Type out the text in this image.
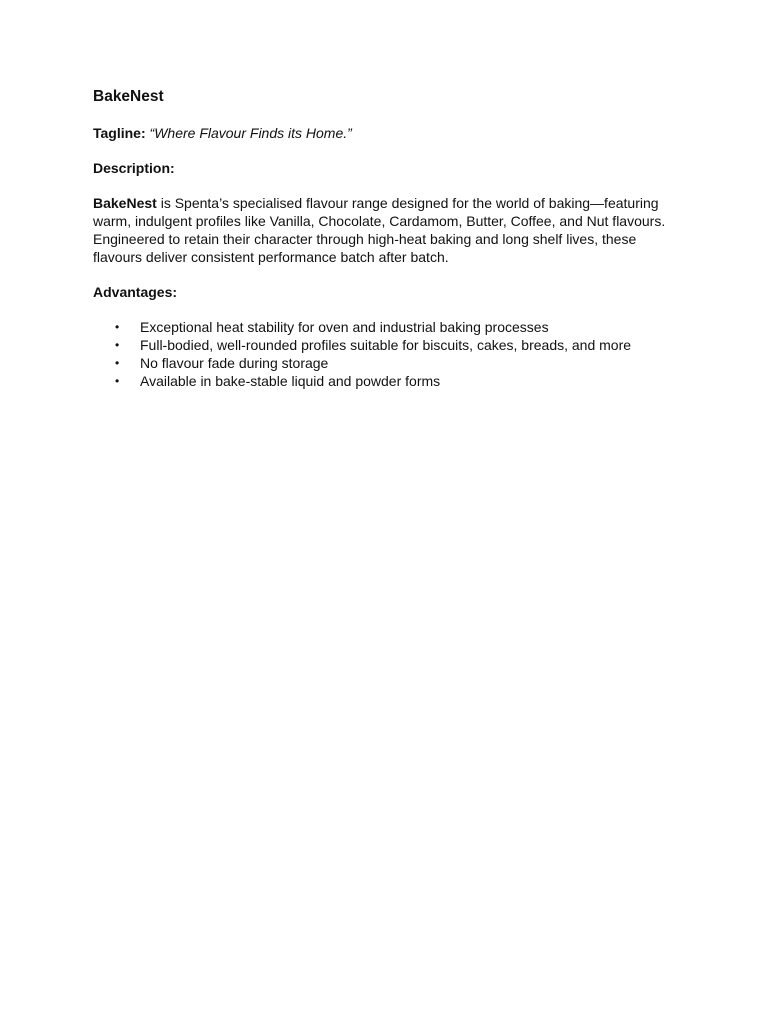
BakeNest
Tagline: “Where Flavour Finds its Home.”
Description:
BakeNest is Spenta’s specialised flavour range designed for the world of baking—featuring warm, indulgent profiles like Vanilla, Chocolate, Cardamom, Butter, Coffee, and Nut flavours. Engineered to retain their character through high-heat baking and long shelf lives, these flavours deliver consistent performance batch after batch.
Advantages:
• Exceptional heat stability for oven and industrial baking processes
• Full-bodied, well-rounded profiles suitable for biscuits, cakes, breads, and more
• No flavour fade during storage
• Available in bake-stable liquid and powder forms
